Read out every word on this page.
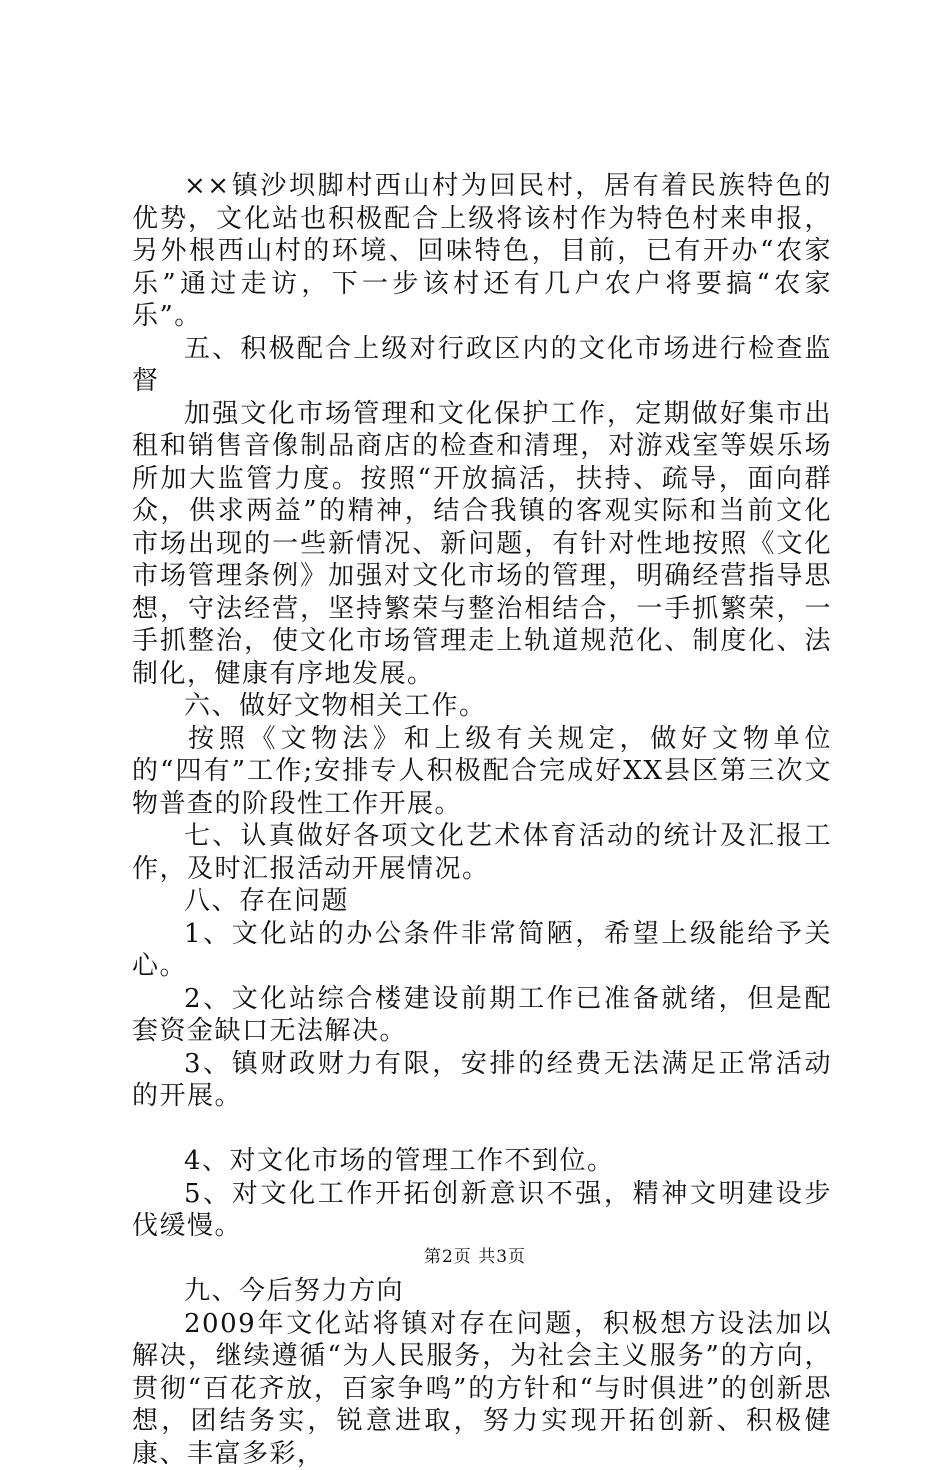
××镇沙坝脚村西山村为回民村，居有着民族特色的优势，文化站也积极配合上级将该村作为特色村来申报，另外根西山村的环境、回味特色，目前，已有开办“农家乐”通过走访，下一步该村还有几户农户将要搞“农家乐”。

五、积极配合上级对行政区内的文化市场进行检查监督

加强文化市场管理和文化保护工作，定期做好集市出租和销售音像制品商店的检查和清理，对游戏室等娱乐场所加大监管力度。按照“开放搞活，扶持、疏导，面向群众，供求两益”的精神，结合我镇的客观实际和当前文化市场出现的一些新情况、新问题，有针对性地按照《文化市场管理条例》加强对文化市场的管理，明确经营指导思想，守法经营，坚持繁荣与整治相结合，一手抓繁荣，一手抓整治，使文化市场管理走上轨道规范化、制度化、法制化，健康有序地发展。

六、做好文物相关工作。

按照《文物法》和上级有关规定，做好文物单位的“四有”工作;安排专人积极配合完成好XX县区第三次文物普查的阶段性工作开展。

七、认真做好各项文化艺术体育活动的统计及汇报工作，及时汇报活动开展情况。

八、存在问题

1、文化站的办公条件非常简陋，希望上级能给予关心。

2、文化站综合楼建设前期工作已准备就绪，但是配套资金缺口无法解决。

3、镇财政财力有限，安排的经费无法满足正常活动的开展。

4、对文化市场的管理工作不到位。

5、对文化工作开拓创新意识不强，精神文明建设步伐缓慢。

九、今后努力方向

2009年文化站将镇对存在问题，积极想方设法加以解决，继续遵循“为人民服务，为社会主义服务”的方向，贯彻“百花齐放，百家争鸣”的方针和“与时俱进”的创新思想，团结务实，锐意进取，努力实现开拓创新、积极健康、丰富多彩，

第2页 共3页
